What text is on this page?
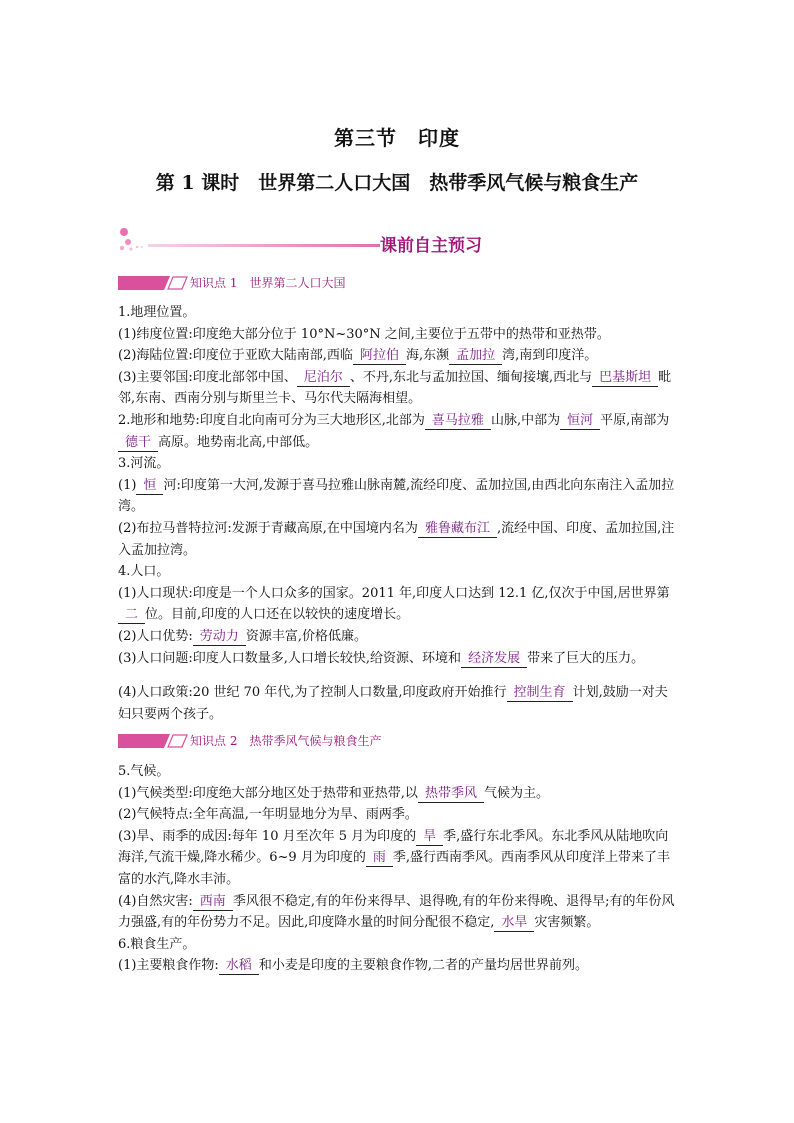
第三节　印度
第 1 课时　世界第二人口大国　热带季风气候与粮食生产
课前自主预习
知识点 1　世界第二人口大国

1.地理位置。

(1)纬度位置:印度绝大部分位于 10°N~30°N 之间,主要位于五带中的热带和亚热带。

(2)海陆位置:印度位于亚欧大陆南部,西临 阿拉伯 海,东濒 孟加拉 湾,南到印度洋。

(3)主要邻国:印度北部邻中国、 尼泊尔 、不丹,东北与孟加拉国、缅甸接壤,西北与 巴基斯坦 毗邻,东南、西南分别与斯里兰卡、马尔代夫隔海相望。

2.地形和地势:印度自北向南可分为三大地形区,北部为 喜马拉雅 山脉,中部为 恒河 平原,南部为德干 高原。地势南北高,中部低。

3.河流。

(1) 恒 河:印度第一大河,发源于喜马拉雅山脉南麓,流经印度、孟加拉国,由西北向东南注入孟加拉湾。

(2)布拉马普特拉河:发源于青藏高原,在中国境内名为 雅鲁藏布江 ,流经中国、印度、孟加拉国,注入孟加拉湾。

4.人口。

(1)人口现状:印度是一个人口众多的国家。2011 年,印度人口达到 12.1 亿,仅次于中国,居世界第二 位。目前,印度的人口还在以较快的速度增长。

(2)人口优势: 劳动力 资源丰富,价格低廉。

(3)人口问题:印度人口数量多,人口增长较快,给资源、环境和 经济发展 带来了巨大的压力。

(4)人口政策:20 世纪 70 年代,为了控制人口数量,印度政府开始推行 控制生育 计划,鼓励一对夫妇只要两个孩子。

知识点 2　热带季风气候与粮食生产

5.气候。

(1)气候类型:印度绝大部分地区处于热带和亚热带,以 热带季风 气候为主。

(2)气候特点:全年高温,一年明显地分为旱、雨两季。

(3)旱、雨季的成因:每年 10 月至次年 5 月为印度的 旱 季,盛行东北季风。东北季风从陆地吹向海洋,气流干燥,降水稀少。6~9 月为印度的 雨 季,盛行西南季风。西南季风从印度洋上带来了丰富的水汽,降水丰沛。

(4)自然灾害: 西南 季风很不稳定,有的年份来得早、退得晚,有的年份来得晚、退得早;有的年份风力强盛,有的年份势力不足。因此,印度降水量的时间分配很不稳定, 水旱 灾害频繁。

6.粮食生产。

(1)主要粮食作物: 水稻 和小麦是印度的主要粮食作物,二者的产量均居世界前列。
